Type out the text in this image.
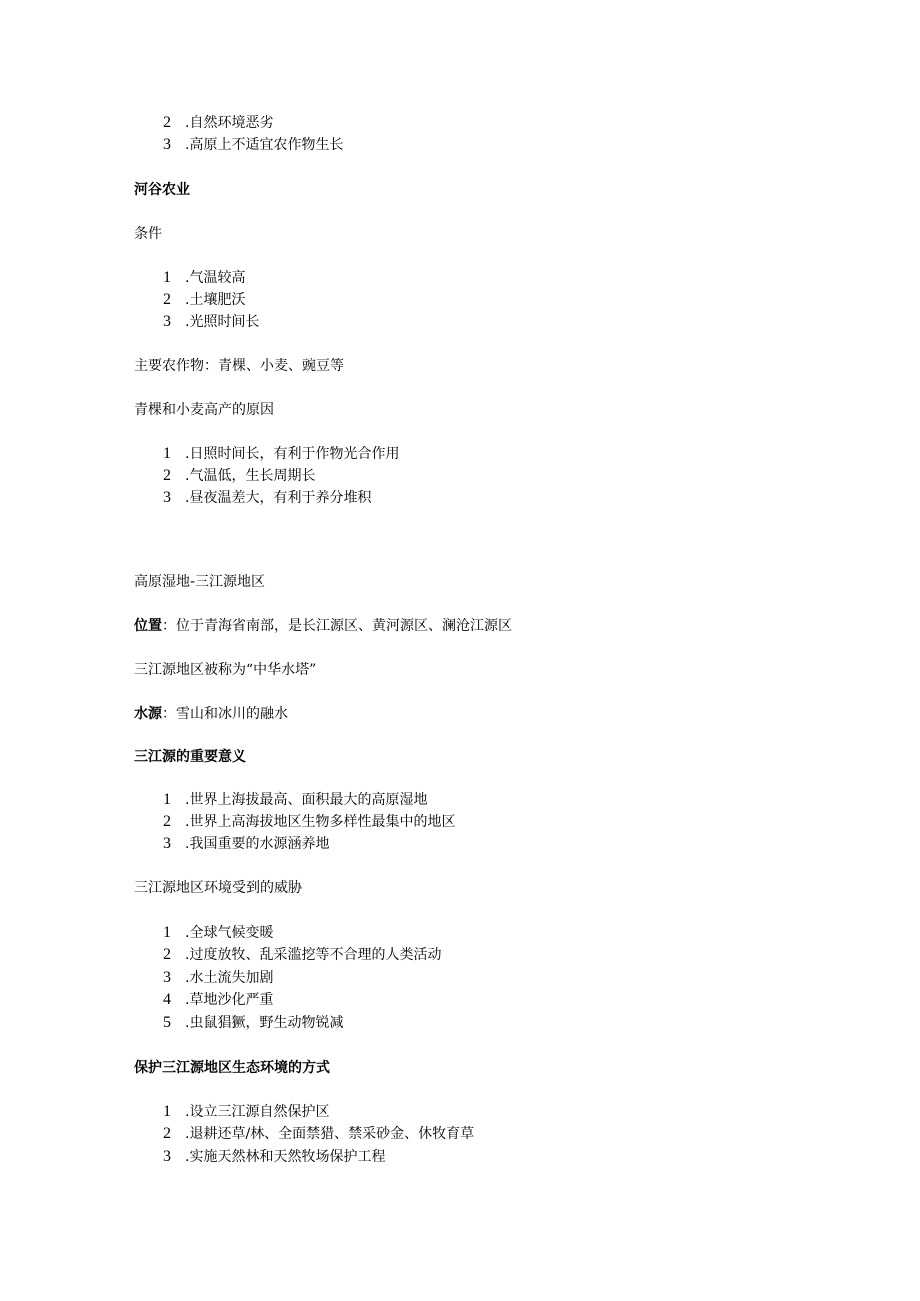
2 .自然环境恶劣
3 .高原上不适宜农作物生长
河谷农业
条件
1 .气温较高
2 .土壤肥沃
3 .光照时间长
主要农作物：青棵、小麦、豌豆等
青棵和小麦高产的原因
1 .日照时间长，有利于作物光合作用
2 .气温低，生长周期长
3 .昼夜温差大，有利于养分堆积
高原湿地-三江源地区
位置：位于青海省南部，是长江源区、黄河源区、澜沧江源区
三江源地区被称为“中华水塔”
水源：雪山和冰川的融水
三江源的重要意义
1 .世界上海拔最高、面积最大的高原湿地
2 .世界上高海拔地区生物多样性最集中的地区
3 .我国重要的水源涵养地
三江源地区环境受到的威胁
1 .全球气候变暖
2 .过度放牧、乱采滥挖等不合理的人类活动
3 .水土流失加剧
4 .草地沙化严重
5 .虫鼠猖獗，野生动物锐减
保护三江源地区生态环境的方式
1 .设立三江源自然保护区
2 .退耕还草/林、全面禁猎、禁采砂金、休牧育草
3 .实施天然林和天然牧场保护工程
